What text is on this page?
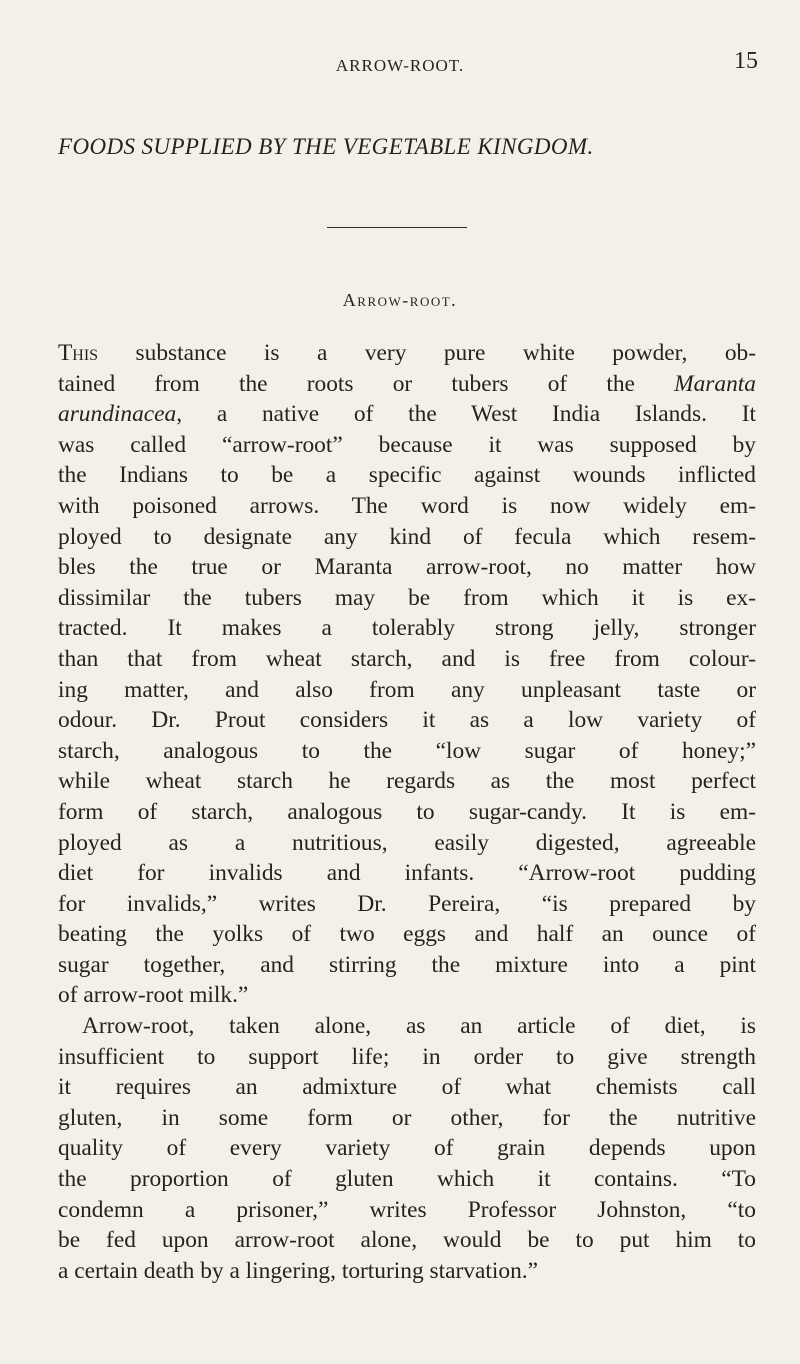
ARROW-ROOT.	15
FOODS SUPPLIED BY THE VEGETABLE KINGDOM.
Arrow-root.
This substance is a very pure white powder, ob-
tained from the roots or tubers of the Maranta
arundinacea, a native of the West India Islands. It
was called “arrow-root” because it was supposed by
the Indians to be a specific against wounds inflicted
with poisoned arrows. The word is now widely em-
ployed to designate any kind of fecula which resem-
bles the true or Maranta arrow-root, no matter how
dissimilar the tubers may be from which it is ex-
tracted. It makes a tolerably strong jelly, stronger
than that from wheat starch, and is free from colour-
ing matter, and also from any unpleasant taste or
odour. Dr. Prout considers it as a low variety of
starch, analogous to the “low sugar of honey;”
while wheat starch he regards as the most perfect
form of starch, analogous to sugar-candy. It is em-
ployed as a nutritious, easily digested, agreeable
diet for invalids and infants. “Arrow-root pudding
for invalids,” writes Dr. Pereira, “is prepared by
beating the yolks of two eggs and half an ounce of
sugar together, and stirring the mixture into a pint
of arrow-root milk.”
Arrow-root, taken alone, as an article of diet, is
insufficient to support life; in order to give strength
it requires an admixture of what chemists call
gluten, in some form or other, for the nutritive
quality of every variety of grain depends upon
the proportion of gluten which it contains. “To
condemn a prisoner,” writes Professor Johnston, “to
be fed upon arrow-root alone, would be to put him to
a certain death by a lingering, torturing starvation.”
